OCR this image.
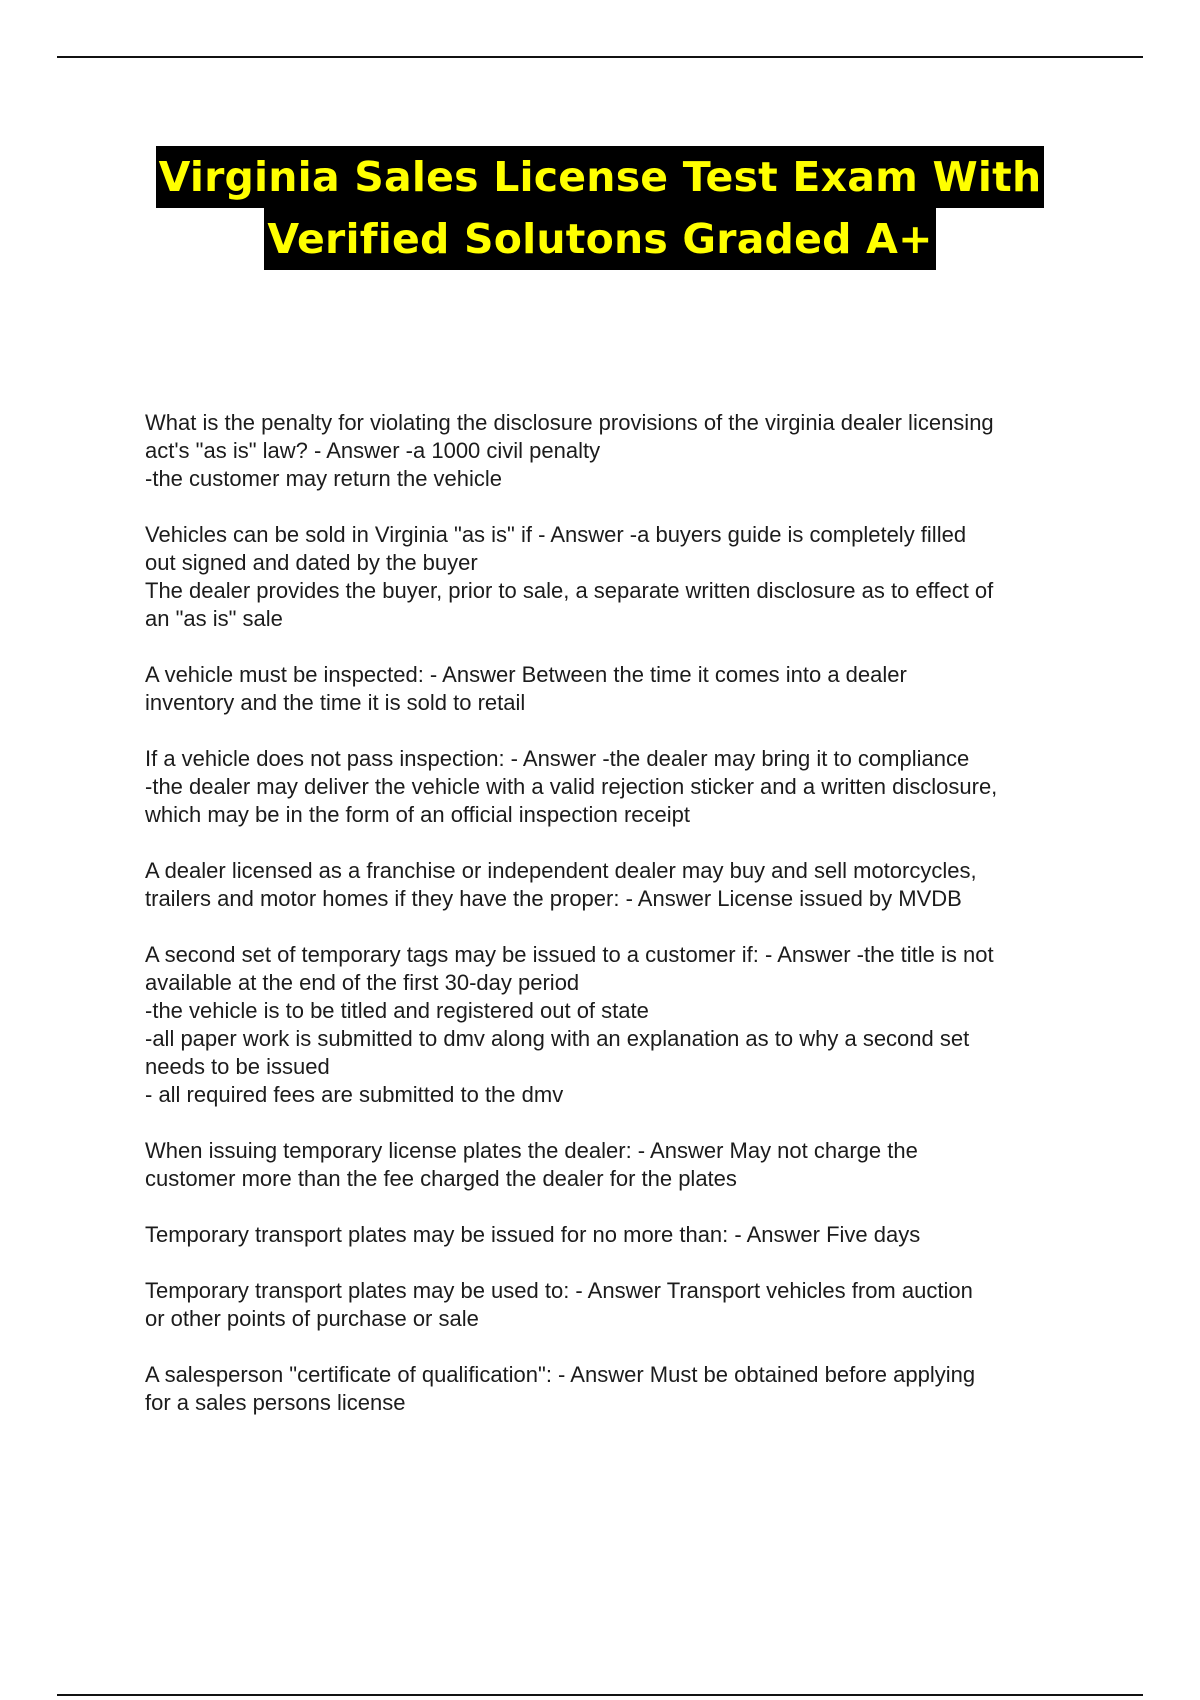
Virginia Sales License Test Exam With
Verified Solutons Graded A+
What is the penalty for violating the disclosure provisions of the virginia dealer licensing
act's "as is" law? - Answer -a 1000 civil penalty
-the customer may return the vehicle
Vehicles can be sold in Virginia "as is" if - Answer -a buyers guide is completely filled
out signed and dated by the buyer
The dealer provides the buyer, prior to sale, a separate written disclosure as to effect of
an "as is" sale
A vehicle must be inspected: - Answer Between the time it comes into a dealer
inventory and the time it is sold to retail
If a vehicle does not pass inspection: - Answer -the dealer may bring it to compliance
-the dealer may deliver the vehicle with a valid rejection sticker and a written disclosure,
which may be in the form of an official inspection receipt
A dealer licensed as a franchise or independent dealer may buy and sell motorcycles,
trailers and motor homes if they have the proper: - Answer License issued by MVDB
A second set of temporary tags may be issued to a customer if: - Answer -the title is not
available at the end of the first 30-day period
-the vehicle is to be titled and registered out of state
-all paper work is submitted to dmv along with an explanation as to why a second set
needs to be issued
- all required fees are submitted to the dmv
When issuing temporary license plates the dealer: - Answer May not charge the
customer more than the fee charged the dealer for the plates
Temporary transport plates may be issued for no more than: - Answer Five days
Temporary transport plates may be used to: - Answer Transport vehicles from auction
or other points of purchase or sale
A salesperson "certificate of qualification": - Answer Must be obtained before applying
for a sales persons license
